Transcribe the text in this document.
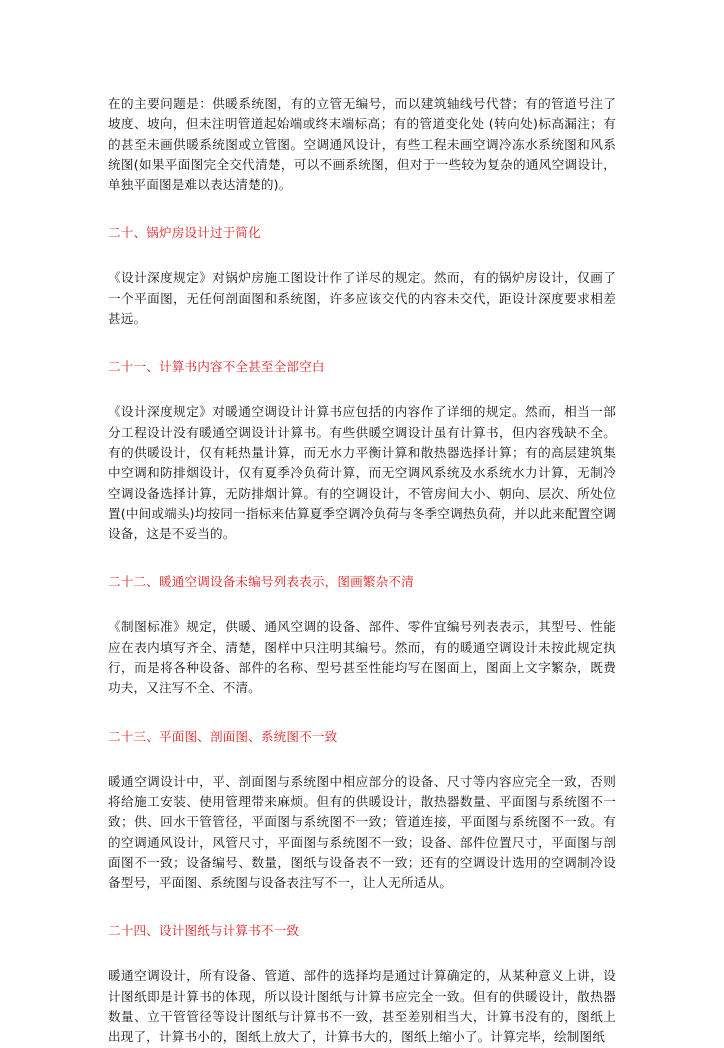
在的主要问题是：供暖系统图，有的立管无编号，而以建筑轴线号代替；有的管道号注了坡度、坡向，但未注明管道起始端或终末端标高；有的管道变化处 (转向处)标高漏注；有的甚至未画供暖系统图或立管图。空调通风设计，有些工程未画空调冷冻水系统图和风系统图(如果平面图完全交代清楚，可以不画系统图，但对于一些较为复杂的通风空调设计，单独平面图是难以表达清楚的)。

二十、锅炉房设计过于简化

《设计深度规定》对锅炉房施工图设计作了详尽的规定。然而，有的锅炉房设计，仅画了一个平面图，无任何剖面图和系统图，许多应该交代的内容未交代，距设计深度要求相差甚远。

二十一、计算书内容不全甚至全部空白

《设计深度规定》对暖通空调设计计算书应包括的内容作了详细的规定。然而，相当一部分工程设计没有暖通空调设计计算书。有些供暖空调设计虽有计算书，但内容残缺不全。有的供暖设计，仅有耗热量计算，而无水力平衡计算和散热器选择计算；有的高层建筑集中空调和防排烟设计，仅有夏季冷负荷计算，而无空调风系统及水系统水力计算，无制冷空调设备选择计算，无防排烟计算。有的空调设计，不管房间大小、朝向、层次、所处位置(中间或端头)均按同一指标来估算夏季空调冷负荷与冬季空调热负荷，并以此来配置空调设备，这是不妥当的。

二十二、暖通空调设备未编号列表表示，图画繁杂不清

《制图标准》规定，供暖、通风空调的设备、部件、零件宜编号列表表示，其型号、性能应在表内填写齐全、清楚，图样中只注明其编号。然而，有的暖通空调设计未按此规定执行，而是将各种设备、部件的名称、型号甚至性能均写在图面上，图面上文字繁杂，既费功夫，又注写不全、不清。

二十三、平面图、剖面图、系统图不一致

暖通空调设计中，平、剖面图与系统图中相应部分的设备、尺寸等内容应完全一致，否则将给施工安装、使用管理带来麻烦。但有的供暖设计，散热器数量、平面图与系统图不一致；供、回水干管管径，平面图与系统图不一致；管道连接，平面图与系统图不一致。有的空调通风设计，风管尺寸，平面图与系统图不一致；设备、部件位置尺寸，平面图与剖面图不一致；设备编号、数量，图纸与设备表不一致；还有的空调设计选用的空调制冷设备型号，平面图、系统图与设备表注写不一，让人无所适从。

二十四、设计图纸与计算书不一致

暖通空调设计，所有设备、管道、部件的选择均是通过计算确定的，从某种意义上讲，设计图纸即是计算书的体现，所以设计图纸与计算书应完全一致。但有的供暖设计，散热器数量、立干管管径等设计图纸与计算书不一致，甚至差别相当大，计算书没有的，图纸上出现了，计算书小的，图纸上放大了，计算书大的，图纸上缩小了。计算完毕，绘制图纸
